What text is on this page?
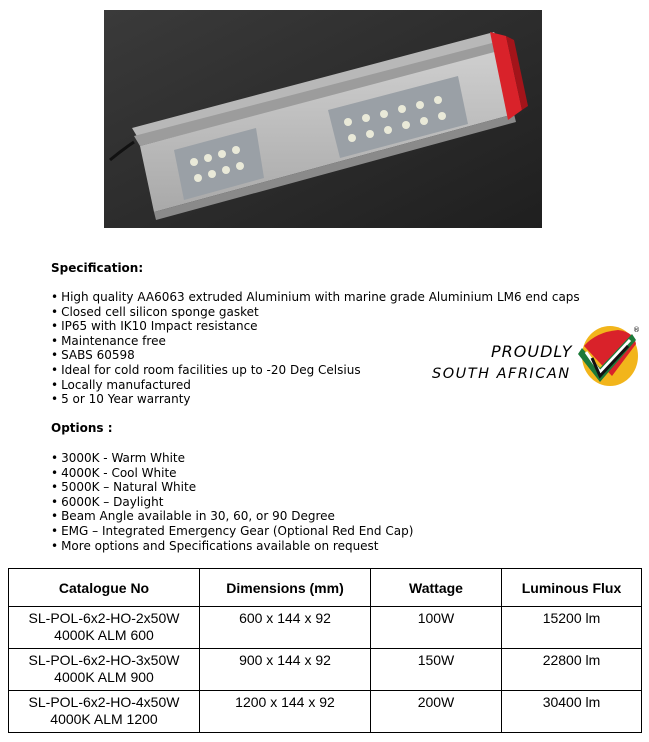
Specification:
• High quality AA6063 extruded Aluminium with marine grade Aluminium LM6 end caps
• Closed cell silicon sponge gasket
• IP65 with IK10 Impact resistance
• Maintenance free
• SABS 60598
• Ideal for cold room facilities up to -20 Deg Celsius
• Locally manufactured
• 5 or 10 Year warranty
PROUDLY
SOUTH AFRICAN
®
Options :
• 3000K - Warm White
• 4000K - Cool White
• 5000K – Natural White
• 6000K – Daylight
• Beam Angle available in 30, 60, or 90 Degree
• EMG – Integrated Emergency Gear (Optional Red End Cap)
• More options and Specifications available on request
Catalogue No	Dimensions (mm)	Wattage	Luminous Flux
SL-POL-6x2-HO-2x50W
4000K ALM 600	600 x 144 x 92	100W	15200 lm
SL-POL-6x2-HO-3x50W
4000K ALM 900	900 x 144 x 92	150W	22800 lm
SL-POL-6x2-HO-4x50W
4000K ALM 1200	1200 x 144 x 92	200W	30400 lm
